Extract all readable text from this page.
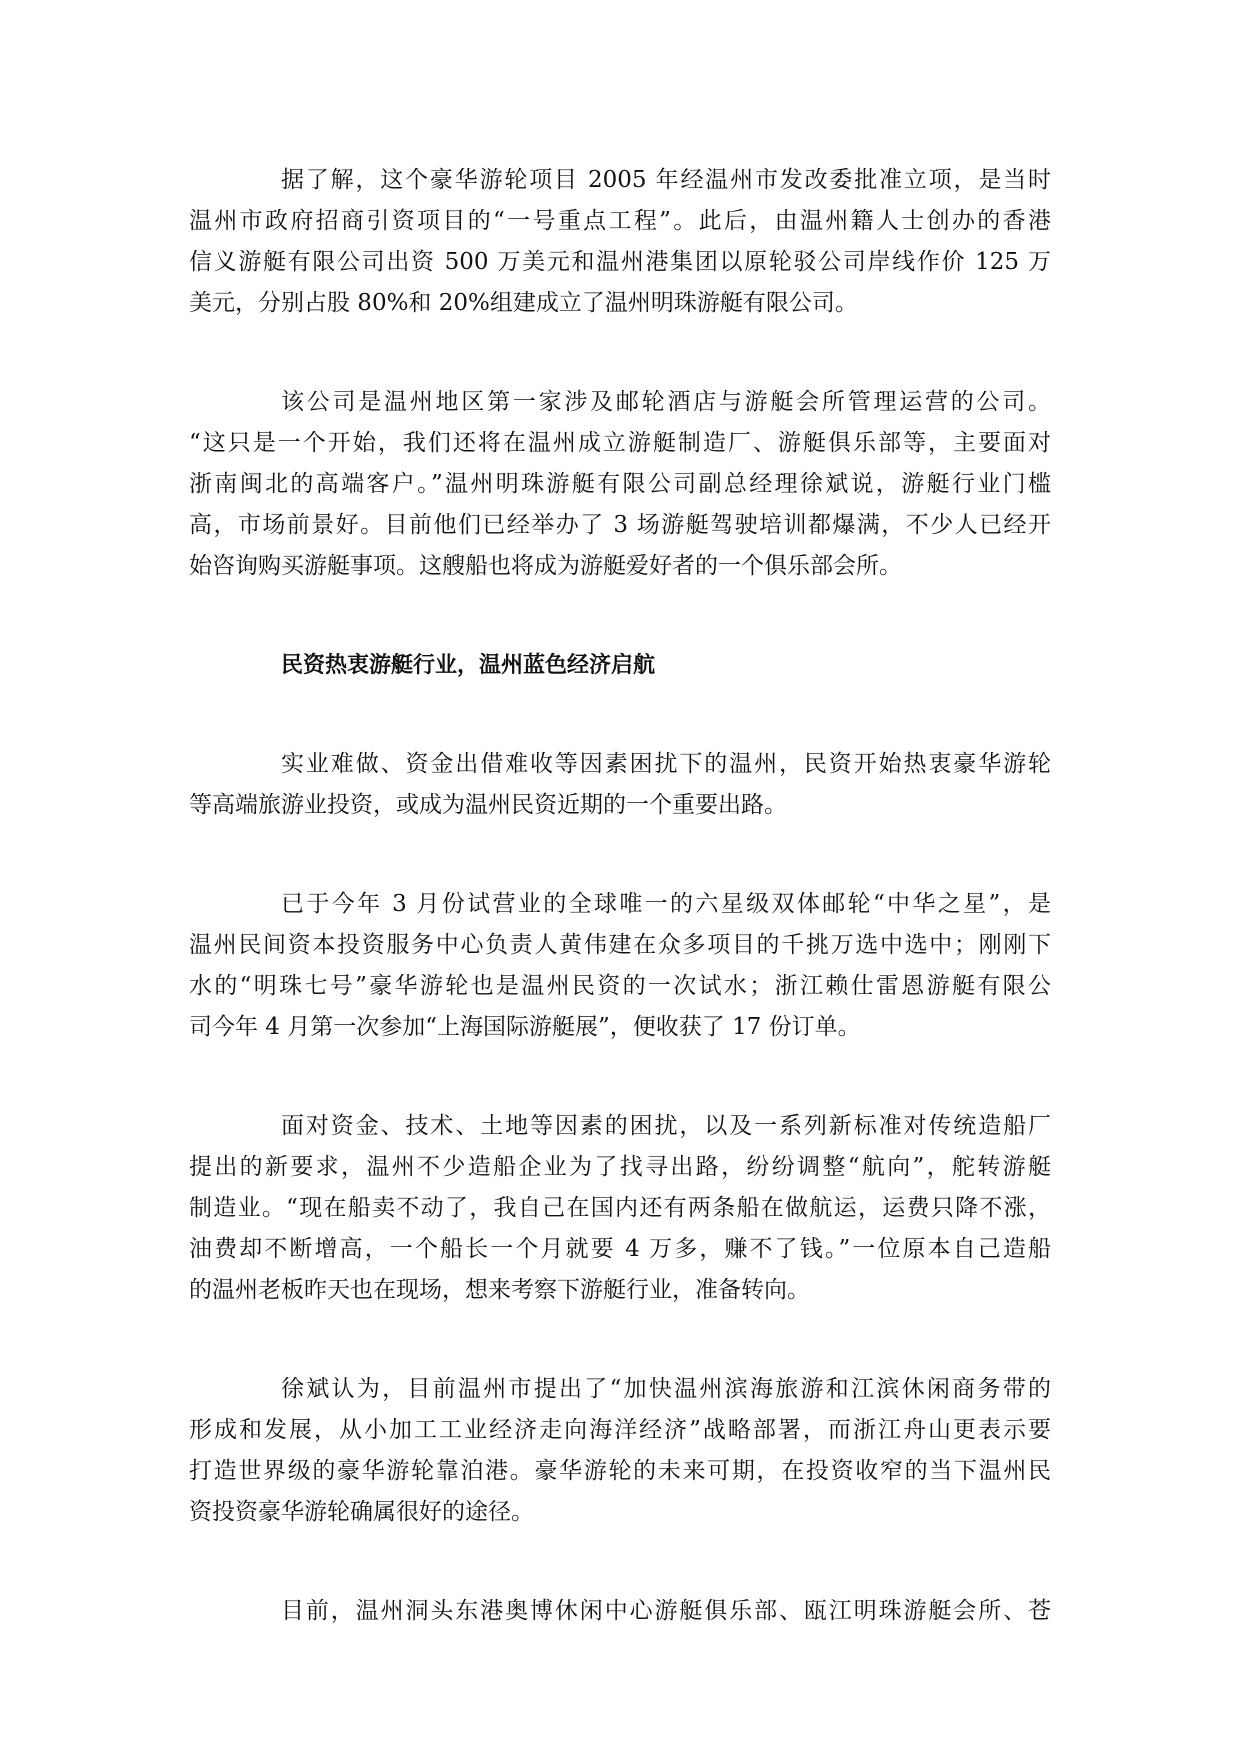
据了解，这个豪华游轮项目 2005 年经温州市发改委批准立项，是当时
温州市政府招商引资项目的“一号重点工程”。此后，由温州籍人士创办的香港
信义游艇有限公司出资 500 万美元和温州港集团以原轮驳公司岸线作价 125 万
美元，分别占股 80%和 20%组建成立了温州明珠游艇有限公司。
该公司是温州地区第一家涉及邮轮酒店与游艇会所管理运营的公司。
“这只是一个开始，我们还将在温州成立游艇制造厂、游艇俱乐部等，主要面对
浙南闽北的高端客户。”温州明珠游艇有限公司副总经理徐斌说，游艇行业门槛
高，市场前景好。目前他们已经举办了 3 场游艇驾驶培训都爆满，不少人已经开
始咨询购买游艇事项。这艘船也将成为游艇爱好者的一个俱乐部会所。
民资热衷游艇行业，温州蓝色经济启航
实业难做、资金出借难收等因素困扰下的温州，民资开始热衷豪华游轮
等高端旅游业投资，或成为温州民资近期的一个重要出路。
已于今年 3 月份试营业的全球唯一的六星级双体邮轮“中华之星”，是
温州民间资本投资服务中心负责人黄伟建在众多项目的千挑万选中选中；刚刚下
水的“明珠七号”豪华游轮也是温州民资的一次试水；浙江赖仕雷恩游艇有限公
司今年 4 月第一次参加“上海国际游艇展”，便收获了 17 份订单。
面对资金、技术、土地等因素的困扰，以及一系列新标准对传统造船厂
提出的新要求，温州不少造船企业为了找寻出路，纷纷调整“航向”，舵转游艇
制造业。“现在船卖不动了，我自己在国内还有两条船在做航运，运费只降不涨，
油费却不断增高，一个船长一个月就要 4 万多，赚不了钱。”一位原本自己造船
的温州老板昨天也在现场，想来考察下游艇行业，准备转向。
徐斌认为，目前温州市提出了“加快温州滨海旅游和江滨休闲商务带的
形成和发展，从小加工工业经济走向海洋经济”战略部署，而浙江舟山更表示要
打造世界级的豪华游轮靠泊港。豪华游轮的未来可期，在投资收窄的当下温州民
资投资豪华游轮确属很好的途径。
目前，温州洞头东港奥博休闲中心游艇俱乐部、瓯江明珠游艇会所、苍
